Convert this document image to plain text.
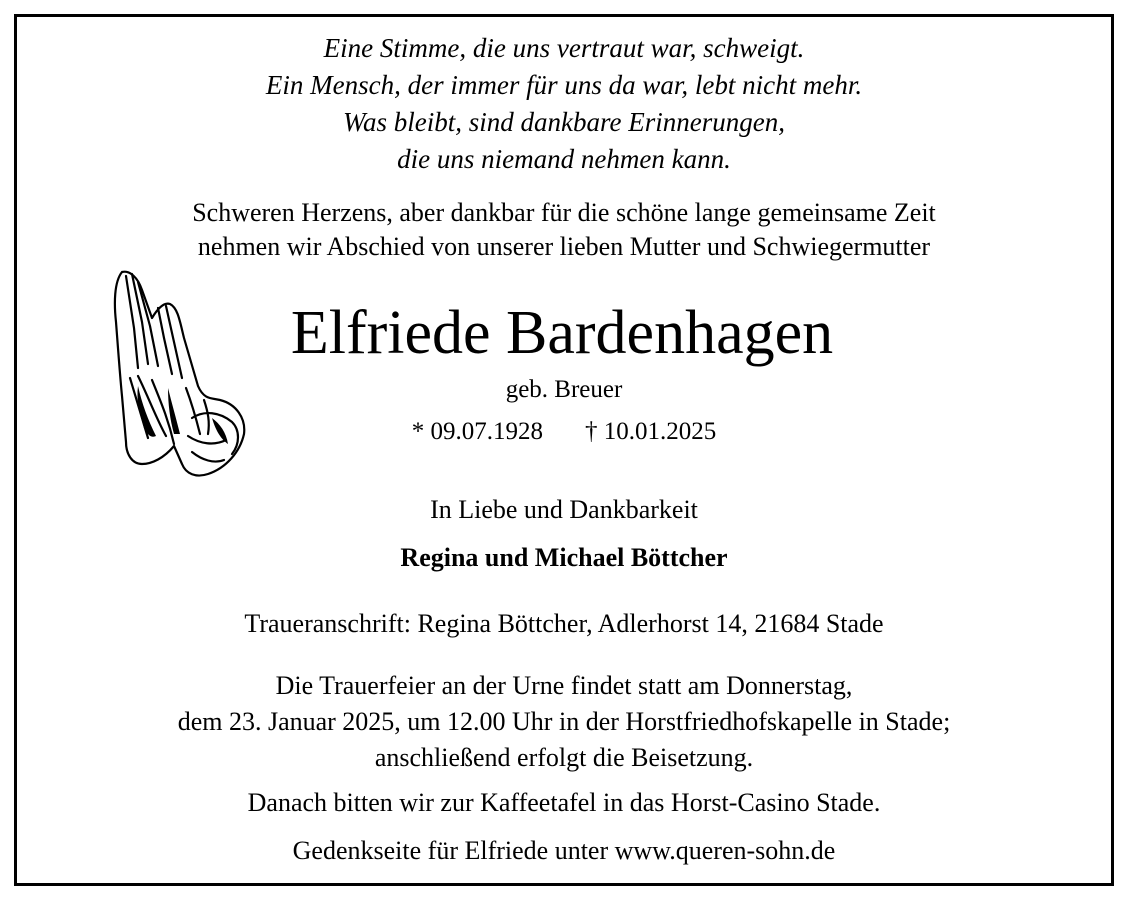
Eine Stimme, die uns vertraut war, schweigt.
Ein Mensch, der immer für uns da war, lebt nicht mehr.
Was bleibt, sind dankbare Erinnerungen,
die uns niemand nehmen kann.
Schweren Herzens, aber dankbar für die schöne lange gemeinsame Zeit
nehmen wir Abschied von unserer lieben Mutter und Schwiegermutter
Elfriede Bardenhagen
geb. Breuer
* 09.07.1928 † 10.01.2025
In Liebe und Dankbarkeit
Regina und Michael Böttcher
Traueranschrift: Regina Böttcher, Adlerhorst 14, 21684 Stade
Die Trauerfeier an der Urne findet statt am Donnerstag,
dem 23. Januar 2025, um 12.00 Uhr in der Horstfriedhofskapelle in Stade;
anschließend erfolgt die Beisetzung.
Danach bitten wir zur Kaffeetafel in das Horst-Casino Stade.
Gedenkseite für Elfriede unter www.queren-sohn.de
